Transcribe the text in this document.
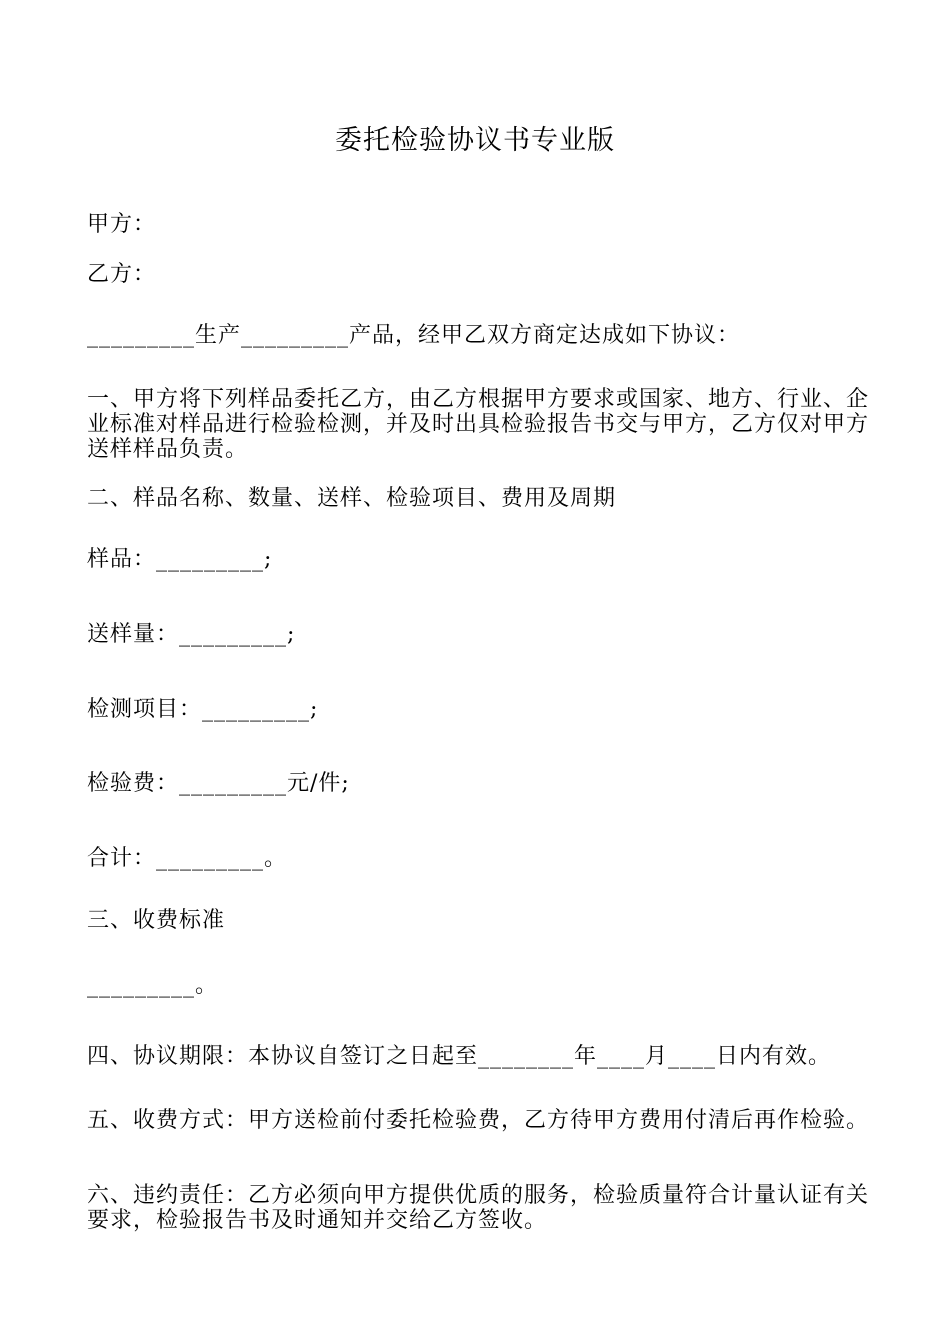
委托检验协议书专业版

甲方：

乙方：

_________生产_________产品，经甲乙双方商定达成如下协议：

一、甲方将下列样品委托乙方，由乙方根据甲方要求或国家、地方、行业、企业标准对样品进行检验检测，并及时出具检验报告书交与甲方，乙方仅对甲方送样样品负责。

二、样品名称、数量、送样、检验项目、费用及周期

样品：_________;

送样量：_________;

检测项目：_________;

检验费：_________元/件;

合计：_________。

三、收费标准

_________。

四、协议期限：本协议自签订之日起至________年____月____日内有效。

五、收费方式：甲方送检前付委托检验费，乙方待甲方费用付清后再作检验。

六、违约责任：乙方必须向甲方提供优质的服务，检验质量符合计量认证有关要求，检验报告书及时通知并交给乙方签收。
